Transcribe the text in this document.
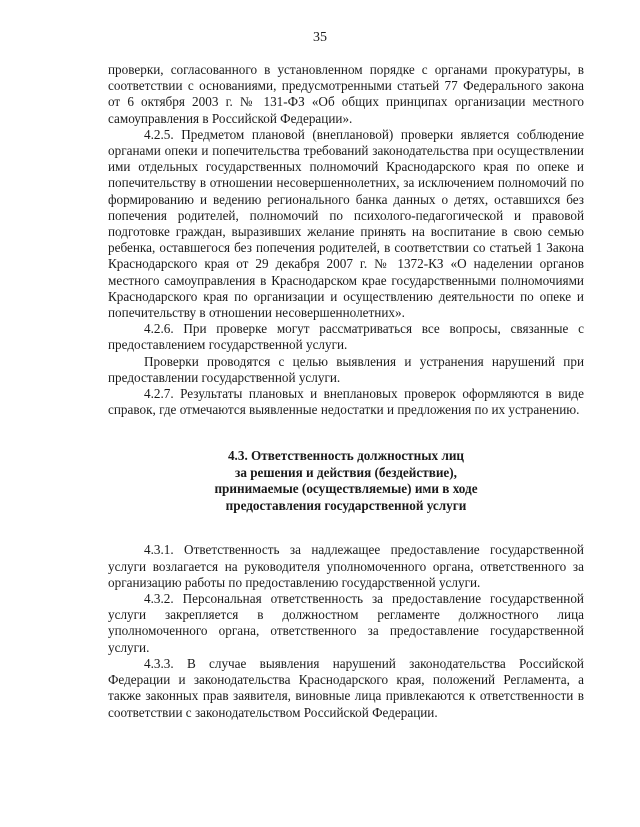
35

проверки, согласованного в установленном порядке с органами прокуратуры, в соответствии с основаниями, предусмотренными статьей 77 Федерального закона от 6 октября 2003 г. № 131-ФЗ «Об общих принципах организации местного самоуправления в Российской Федерации».

4.2.5. Предметом плановой (внеплановой) проверки является соблюдение органами опеки и попечительства требований законодательства при осуществлении ими отдельных государственных полномочий Краснодарского края по опеке и попечительству в отношении несовершеннолетних, за исключением полномочий по формированию и ведению регионального банка данных о детях, оставшихся без попечения родителей, полномочий по психолого-педагогической и правовой подготовке граждан, выразивших желание принять на воспитание в свою семью ребенка, оставшегося без попечения родителей, в соответствии со статьей 1 Закона Краснодарского края от 29 декабря 2007 г. № 1372-КЗ «О наделении органов местного самоуправления в Краснодарском крае государственными полномочиями Краснодарского края по организации и осуществлению деятельности по опеке и попечительству в отношении несовершеннолетних».

4.2.6. При проверке могут рассматриваться все вопросы, связанные с предоставлением государственной услуги.

Проверки проводятся с целью выявления и устранения нарушений при предоставлении государственной услуги.

4.2.7. Результаты плановых и внеплановых проверок оформляются в виде справок, где отмечаются выявленные недостатки и предложения по их устранению.

4.3. Ответственность должностных лиц
за решения и действия (бездействие),
принимаемые (осуществляемые) ими в ходе
предоставления государственной услуги

4.3.1. Ответственность за надлежащее предоставление государственной услуги возлагается на руководителя уполномоченного органа, ответственного за организацию работы по предоставлению государственной услуги.

4.3.2. Персональная ответственность за предоставление государственной услуги закрепляется в должностном регламенте должностного лица уполномоченного органа, ответственного за предоставление государственной услуги.

4.3.3. В случае выявления нарушений законодательства Российской Федерации и законодательства Краснодарского края, положений Регламента, а также законных прав заявителя, виновные лица привлекаются к ответственности в соответствии с законодательством Российской Федерации.
